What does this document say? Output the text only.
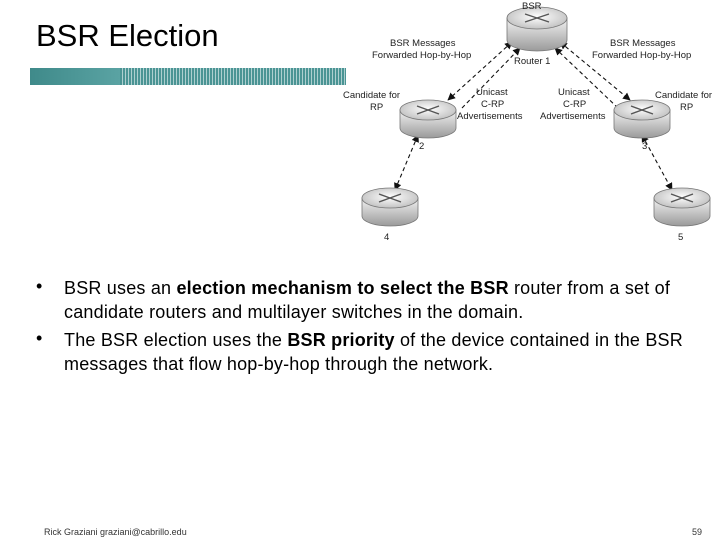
BSR Election
BSR
Router 1
BSR Messages
Forwarded Hop-by-Hop
BSR Messages
Forwarded Hop-by-Hop
Candidate for
RP
Candidate for
RP
Unicast
C-RP
Advertisements
Unicast
C-RP
Advertisements
2	3
4	5
• BSR uses an election mechanism to select the BSR router from a set of candidate routers and multilayer switches in the domain.
• The BSR election uses the BSR priority of the device contained in the BSR messages that flow hop-by-hop through the network.
Rick Graziani graziani@cabrillo.edu	59
